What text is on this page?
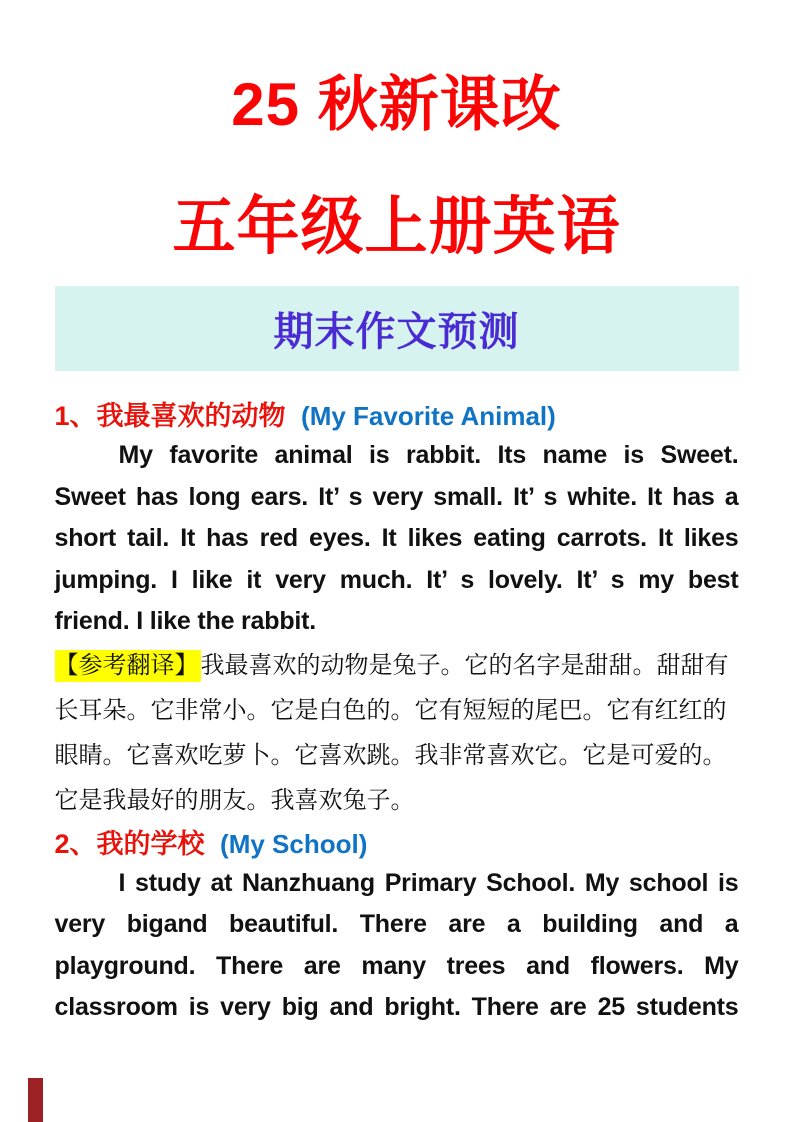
25 秋新课改
五年级上册英语
期末作文预测
1、我最喜欢的动物 (My Favorite Animal)
My favorite animal is rabbit. Its name is Sweet.
Sweet has long ears. It’ s very small. It’ s white. It has a
short tail. It has red eyes. It likes eating carrots. It likes
jumping. I like it very much. It’ s lovely. It’ s my best
friend. I like the rabbit.
【参考翻译】我最喜欢的动物是兔子。它的名字是甜甜。甜甜有
长耳朵。它非常小。它是白色的。它有短短的尾巴。它有红红的
眼睛。它喜欢吃萝卜。它喜欢跳。我非常喜欢它。它是可爱的。
它是我最好的朋友。我喜欢兔子。
2、我的学校 (My School)
I study at Nanzhuang Primary School. My school is
very bigand beautiful. There are a building and a
playground. There are many trees and flowers. My
classroom is very big and bright. There are 25 students
